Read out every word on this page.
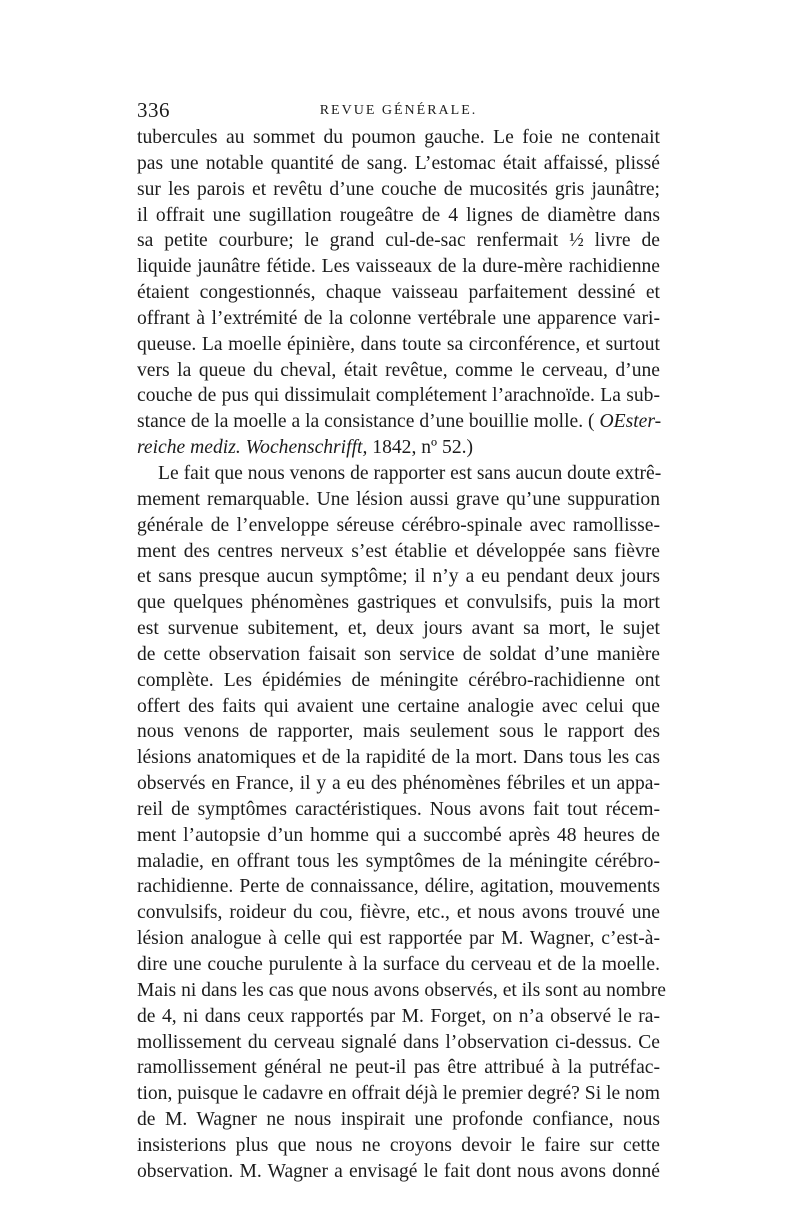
336	REVUE GÉNÉRALE.
tubercules au sommet du poumon gauche. Le foie ne contenait
pas une notable quantité de sang. L’estomac était affaissé, plissé
sur les parois et revêtu d’une couche de mucosités gris jaunâtre;
il offrait une sugillation rougeâtre de 4 lignes de diamètre dans
sa petite courbure; le grand cul-de-sac renfermait ½ livre de
liquide jaunâtre fétide. Les vaisseaux de la dure-mère rachidienne
étaient congestionnés, chaque vaisseau parfaitement dessiné et
offrant à l’extrémité de la colonne vertébrale une apparence vari-
queuse. La moelle épinière, dans toute sa circonférence, et surtout
vers la queue du cheval, était revêtue, comme le cerveau, d’une
couche de pus qui dissimulait complétement l’arachnoïde. La sub-
stance de la moelle a la consistance d’une bouillie molle. ( OEster-
reiche mediz. Wochenschrifft, 1842, nº 52.)
Le fait que nous venons de rapporter est sans aucun doute extrê-
mement remarquable. Une lésion aussi grave qu’une suppuration
générale de l’enveloppe séreuse cérébro-spinale avec ramollisse-
ment des centres nerveux s’est établie et développée sans fièvre
et sans presque aucun symptôme; il n’y a eu pendant deux jours
que quelques phénomènes gastriques et convulsifs, puis la mort
est survenue subitement, et, deux jours avant sa mort, le sujet
de cette observation faisait son service de soldat d’une manière
complète. Les épidémies de méningite cérébro-rachidienne ont
offert des faits qui avaient une certaine analogie avec celui que
nous venons de rapporter, mais seulement sous le rapport des
lésions anatomiques et de la rapidité de la mort. Dans tous les cas
observés en France, il y a eu des phénomènes fébriles et un appa-
reil de symptômes caractéristiques. Nous avons fait tout récem-
ment l’autopsie d’un homme qui a succombé après 48 heures de
maladie, en offrant tous les symptômes de la méningite cérébro-
rachidienne. Perte de connaissance, délire, agitation, mouvements
convulsifs, roideur du cou, fièvre, etc., et nous avons trouvé une
lésion analogue à celle qui est rapportée par M. Wagner, c’est-à-
dire une couche purulente à la surface du cerveau et de la moelle.
Mais ni dans les cas que nous avons observés, et ils sont au nombre
de 4, ni dans ceux rapportés par M. Forget, on n’a observé le ra-
mollissement du cerveau signalé dans l’observation ci-dessus. Ce
ramollissement général ne peut-il pas être attribué à la putréfac-
tion, puisque le cadavre en offrait déjà le premier degré? Si le nom
de M. Wagner ne nous inspirait une profonde confiance, nous
insisterions plus que nous ne croyons devoir le faire sur cette
observation. M. Wagner a envisagé le fait dont nous avons donné
